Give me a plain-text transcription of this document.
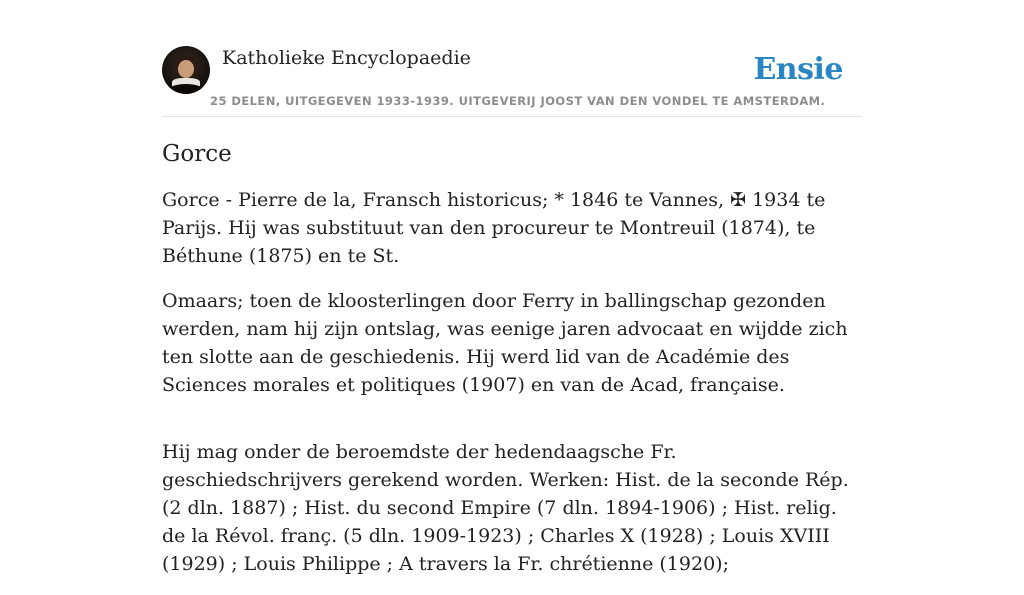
Katholieke Encyclopaedie
25 DELEN, UITGEGEVEN 1933-1939. UITGEVERIJ JOOST VAN DEN VONDEL TE AMSTERDAM.
Ensie
Gorce

Gorce - Pierre de la, Fransch historicus; * 1846 te Vannes, ✠ 1934 te Parijs. Hij was substituut van den procureur te Montreuil (1874), te Béthune (1875) en te St.

Omaars; toen de kloosterlingen door Ferry in ballingschap gezonden werden, nam hij zijn ontslag, was eenige jaren advocaat en wijdde zich ten slotte aan de geschiedenis. Hij werd lid van de Académie des Sciences morales et politiques (1907) en van de Acad, française.

Hij mag onder de beroemdste der hedendaagsche Fr. geschiedschrijvers gerekend worden. Werken: Hist. de la seconde Rép. (2 dln. 1887) ; Hist. du second Empire (7 dln. 1894-1906) ; Hist. relig. de la Révol. franç. (5 dln. 1909-1923) ; Charles X (1928) ; Louis XVIII (1929) ; Louis Philippe ; A travers la Fr. chrétienne (1920);
